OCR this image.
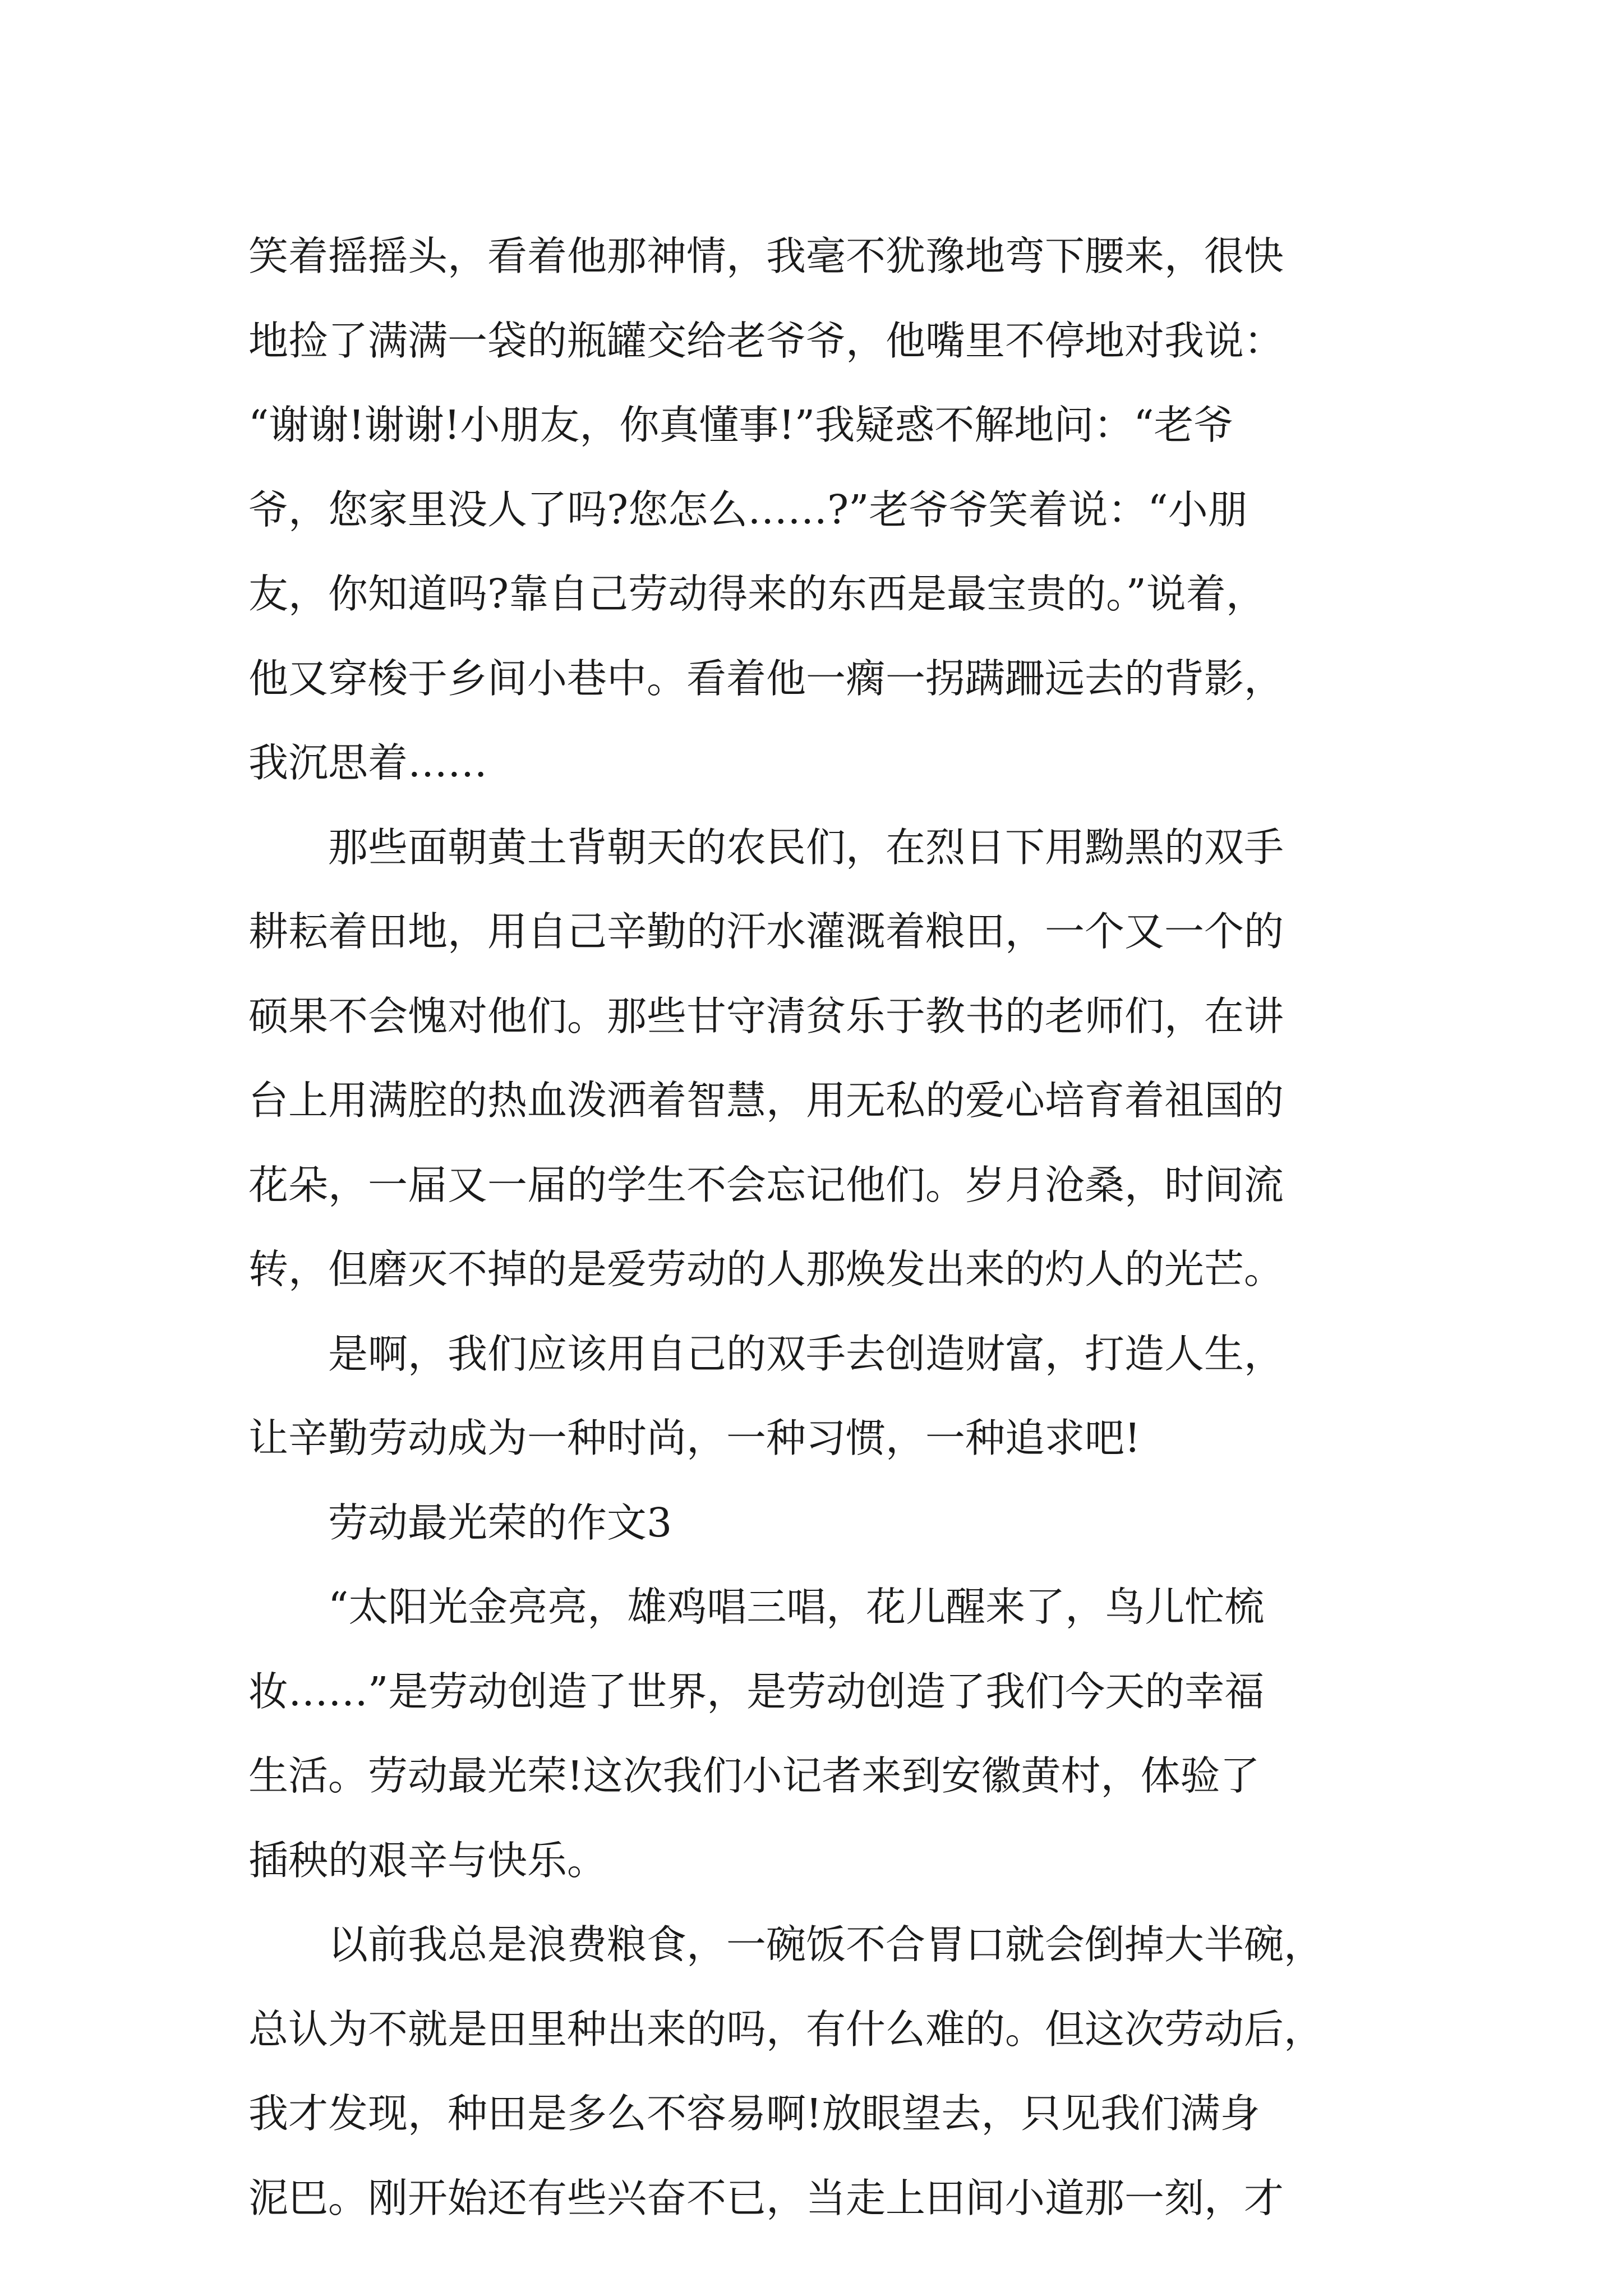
笑着摇摇头，看着他那神情，我毫不犹豫地弯下腰来，很快
地捡了满满一袋的瓶罐交给老爷爷，他嘴里不停地对我说：
“谢谢!谢谢!小朋友，你真懂事!”我疑惑不解地问：“老爷
爷，您家里没人了吗?您怎么……?”老爷爷笑着说：“小朋
友，你知道吗?靠自己劳动得来的东西是最宝贵的。”说着，
他又穿梭于乡间小巷中。看着他一瘸一拐蹒跚远去的背影，
我沉思着……
　　那些面朝黄土背朝天的农民们，在烈日下用黝黑的双手
耕耘着田地，用自己辛勤的汗水灌溉着粮田，一个又一个的
硕果不会愧对他们。那些甘守清贫乐于教书的老师们，在讲
台上用满腔的热血泼洒着智慧，用无私的爱心培育着祖国的
花朵，一届又一届的学生不会忘记他们。岁月沧桑，时间流
转，但磨灭不掉的是爱劳动的人那焕发出来的灼人的光芒。
　　是啊，我们应该用自己的双手去创造财富，打造人生，
让辛勤劳动成为一种时尚，一种习惯，一种追求吧!
　　劳动最光荣的作文3
　　“太阳光金亮亮，雄鸡唱三唱，花儿醒来了，鸟儿忙梳
妆……”是劳动创造了世界，是劳动创造了我们今天的幸福
生活。劳动最光荣!这次我们小记者来到安徽黄村，体验了
插秧的艰辛与快乐。
　　以前我总是浪费粮食，一碗饭不合胃口就会倒掉大半碗，
总认为不就是田里种出来的吗，有什么难的。但这次劳动后，
我才发现，种田是多么不容易啊!放眼望去，只见我们满身
泥巴。刚开始还有些兴奋不已，当走上田间小道那一刻，才
